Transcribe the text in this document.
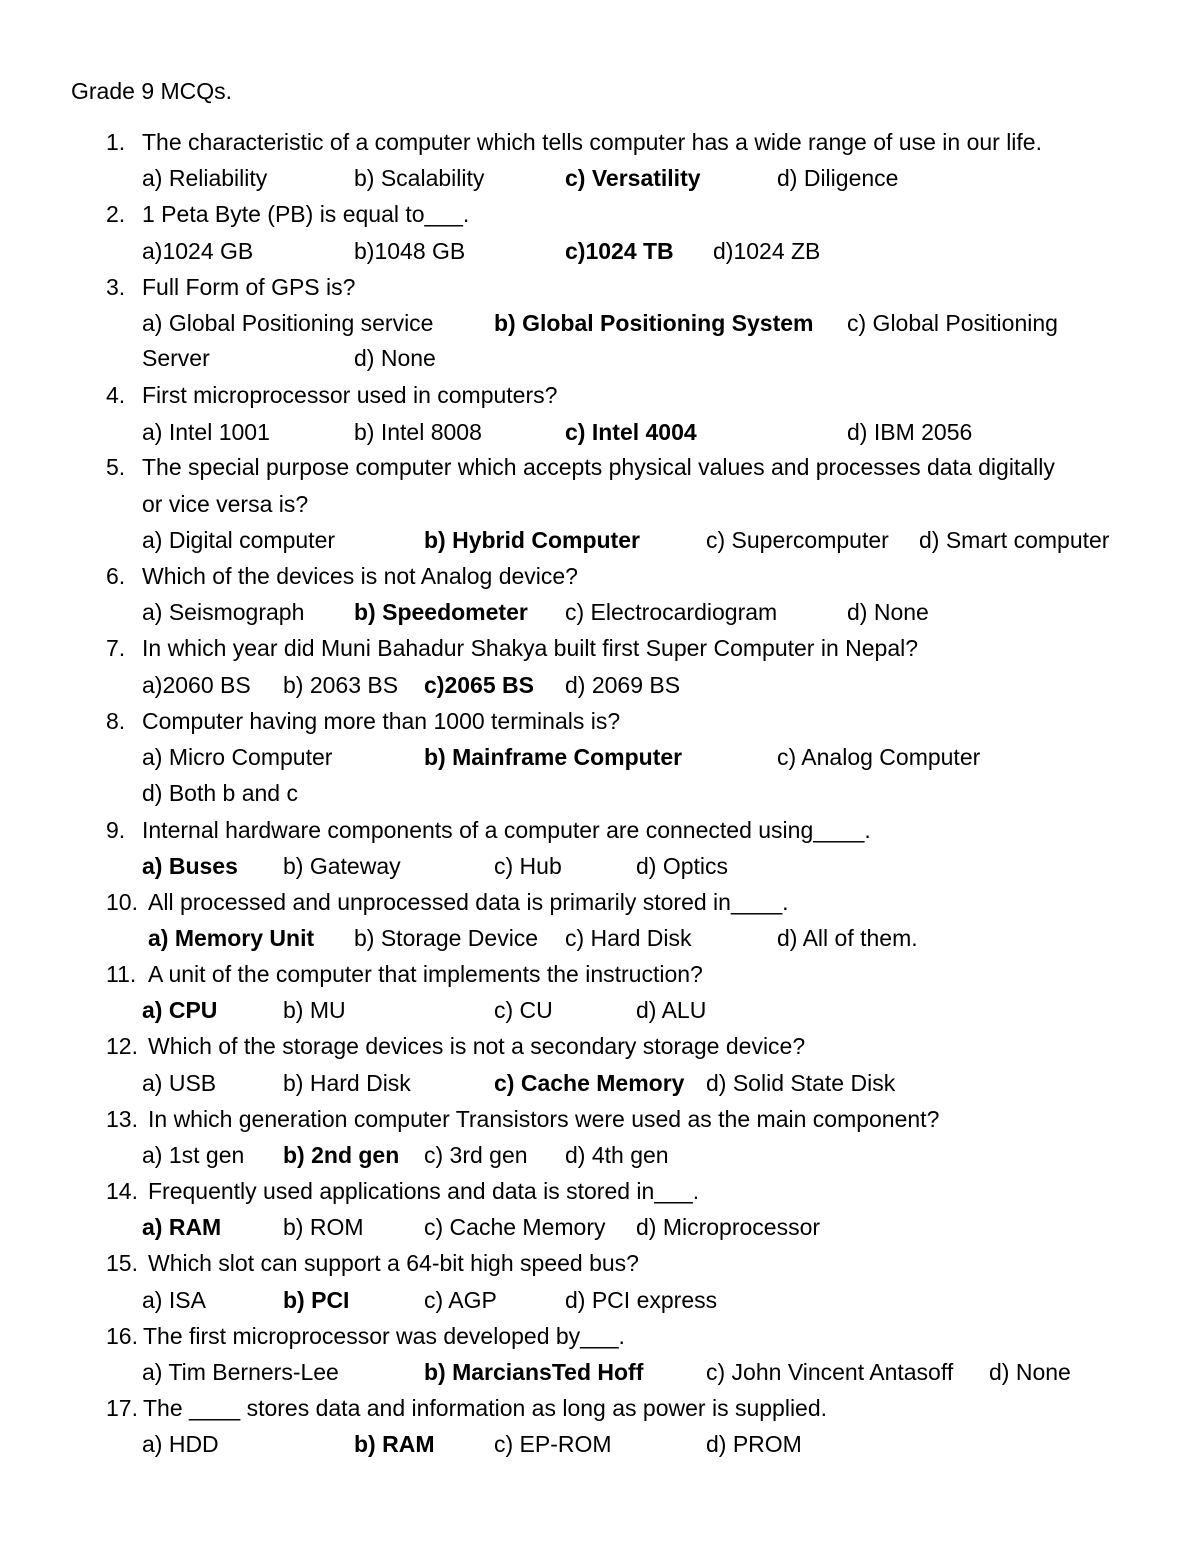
Grade 9 MCQs.
1. The characteristic of a computer which tells computer has a wide range of use in our life.
a) Reliability	b) Scalability	c) Versatility	d) Diligence
2. 1 Peta Byte (PB) is equal to___.
a)1024 GB	b)1048 GB	c)1024 TB d)1024 ZB
3. Full Form of GPS is?
a) Global Positioning service	b) Global Positioning System c) Global Positioning
Server	d) None
4. First microprocessor used in computers?
a) Intel 1001	b) Intel 8008	c) Intel 4004	d) IBM 2056
5. The special purpose computer which accepts physical values and processes data digitally
or vice versa is?
a) Digital computer	b) Hybrid Computer	c) Supercomputer d) Smart computer
6. Which of the devices is not Analog device?
a) Seismograph b) Speedometer c) Electrocardiogram	d) None
7. In which year did Muni Bahadur Shakya built first Super Computer in Nepal?
a)2060 BS b) 2063 BS c)2065 BS d) 2069 BS
8. Computer having more than 1000 terminals is?
a) Micro Computer	b) Mainframe Computer	c) Analog Computer
d) Both b and c
9. Internal hardware components of a computer are connected using____.
a) Buses b) Gateway	c) Hub	d) Optics
10. All processed and unprocessed data is primarily stored in____.
a) Memory Unit b) Storage Device c) Hard Disk	d) All of them.
11. A unit of the computer that implements the instruction?
a) CPU	b) MU	c) CU	d) ALU
12. Which of the storage devices is not a secondary storage device?
a) USB	b) Hard Disk	c) Cache Memory d) Solid State Disk
13. In which generation computer Transistors were used as the main component?
a) 1st gen b) 2nd gen c) 3rd gen d) 4th gen
14. Frequently used applications and data is stored in___.
a) RAM	b) ROM	c) Cache Memory d) Microprocessor
15. Which slot can support a 64-bit high speed bus?
a) ISA	b) PCI	c) AGP	d) PCI express
16. The first microprocessor was developed by___.
a) Tim Berners-Lee	b) MarciansTed Hoff	c) John Vincent Antasoff d) None
17. The ____ stores data and information as long as power is supplied.
a) HDD	b) RAM	c) EP-ROM	d) PROM
